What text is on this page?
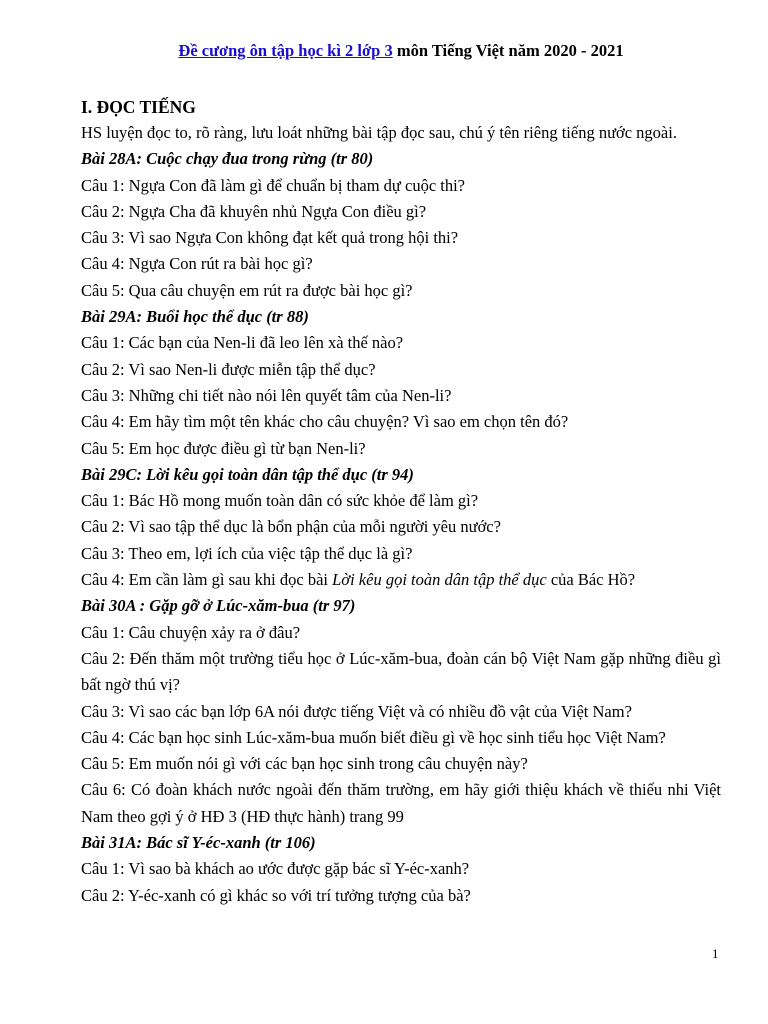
Đề cương ôn tập học kì 2 lớp 3 môn Tiếng Việt năm 2020 - 2021

I. ĐỌC TIẾNG

HS luyện đọc to, rõ ràng, lưu loát những bài tập đọc sau, chú ý tên riêng tiếng nước ngoài.

Bài 28A: Cuộc chạy đua trong rừng (tr 80)

Câu 1: Ngựa Con đã làm gì để chuẩn bị tham dự cuộc thi?

Câu 2: Ngựa Cha đã khuyên nhủ Ngựa Con điều gì?

Câu 3: Vì sao Ngựa Con không đạt kết quả trong hội thi?

Câu 4: Ngựa Con rút ra bài học gì?

Câu 5: Qua câu chuyện em rút ra được bài học gì?

Bài 29A: Buổi học thể dục (tr 88)

Câu 1: Các bạn của Nen-li đã leo lên xà thế nào?

Câu 2: Vì sao Nen-li được miễn tập thể dục?

Câu 3: Những chi tiết nào nói lên quyết tâm của Nen-li?

Câu 4: Em hãy tìm một tên khác cho câu chuyện? Vì sao em chọn tên đó?

Câu 5: Em học được điều gì từ bạn Nen-li?

Bài 29C: Lời kêu gọi toàn dân tập thể dục (tr 94)

Câu 1: Bác Hồ mong muốn toàn dân có sức khỏe để làm gì?

Câu 2: Vì sao tập thể dục là bổn phận của mỗi người yêu nước?

Câu 3: Theo em, lợi ích của việc tập thể dục là gì?

Câu 4: Em cần làm gì sau khi đọc bài Lời kêu gọi toàn dân tập thể dục của Bác Hồ?

Bài 30A : Gặp gỡ ở Lúc-xăm-bua (tr 97)

Câu 1: Câu chuyện xảy ra ở đâu?

Câu 2: Đến thăm một trường tiểu học ở Lúc-xăm-bua, đoàn cán bộ Việt Nam gặp những điều gì bất ngờ thú vị?

Câu 3: Vì sao các bạn lớp 6A nói được tiếng Việt và có nhiều đồ vật của Việt Nam?

Câu 4: Các bạn học sinh Lúc-xăm-bua muốn biết điều gì về học sinh tiểu học Việt Nam?

Câu 5: Em muốn nói gì với các bạn học sinh trong câu chuyện này?

Câu 6: Có đoàn khách nước ngoài đến thăm trường, em hãy giới thiệu khách về thiếu nhi Việt Nam theo gợi ý ở HĐ 3 (HĐ thực hành) trang 99

Bài 31A: Bác sĩ Y-éc-xanh (tr 106)

Câu 1: Vì sao bà khách ao ước được gặp bác sĩ Y-éc-xanh?

Câu 2: Y-éc-xanh có gì khác so với trí tưởng tượng của bà?

1
